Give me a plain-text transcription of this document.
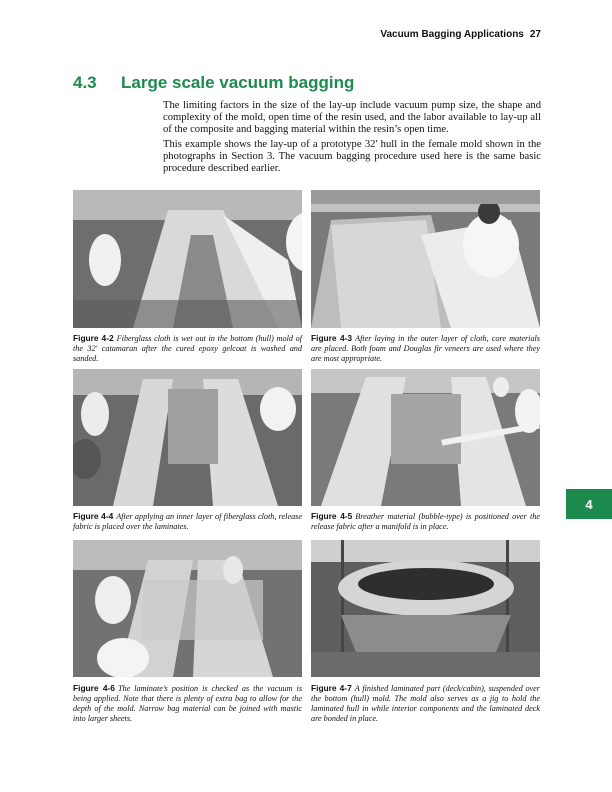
Vacuum Bagging Applications 27
4.3 Large scale vacuum bagging

The limiting factors in the size of the lay-up include vacuum pump size, the shape and complexity of the mold, open time of the resin used, and the labor available to lay-up all of the composite and bagging material within the resin’s open time.

This example shows the lay-up of a prototype 32' hull in the female mold shown in the photographs in Section 3. The vacuum bagging procedure used here is the same basic procedure described earlier.

Figure 4-2 Fiberglass cloth is wet out in the bottom (hull) mold of the 32' catamaran after the cured epoxy gelcoat is washed and sanded.
Figure 4-3 After laying in the outer layer of cloth, core materials are placed. Both foam and Douglas fir veneers are used where they are most appropriate.
Figure 4-4 After applying an inner layer of fiberglass cloth, release fabric is placed over the laminates.
Figure 4-5 Breather material (bubble-type) is positioned over the release fabric after a manifold is in place.
Figure 4-6 The laminate’s position is checked as the vacuum is being applied. Note that there is plenty of extra bag to allow for the depth of the mold. Narrow bag material can be joined with mastic into larger sheets.
Figure 4-7 A finished laminated part (deck/cabin), suspended over the bottom (hull) mold. The mold also serves as a jig to hold the laminated hull in while interior components and the laminated deck are bonded in place.
4
